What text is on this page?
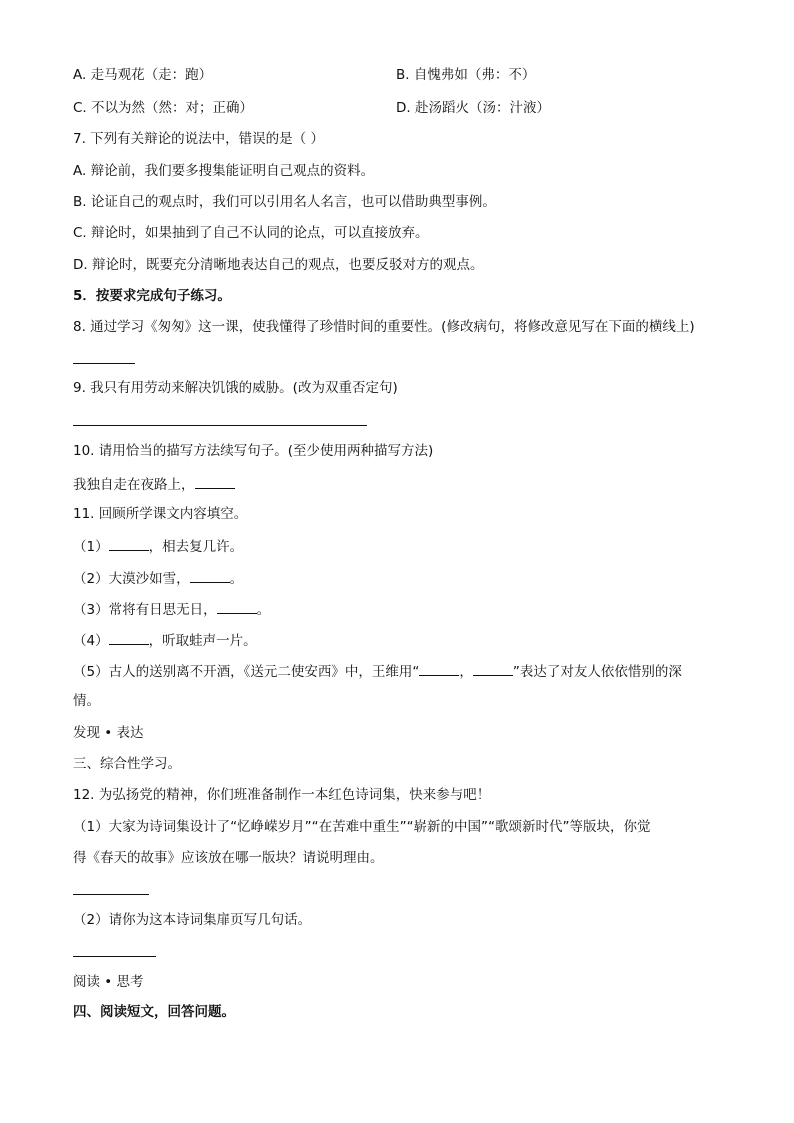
A. 走马观花（走：跑）	B. 自愧弗如（弗：不）
C. 不以为然（然：对；正确）	D. 赴汤蹈火（汤：汁液）
7. 下列有关辩论的说法中，错误的是（ ）
A. 辩论前，我们要多搜集能证明自己观点的资料。
B. 论证自己的观点时，我们可以引用名人名言，也可以借助典型事例。
C. 辩论时，如果抽到了自己不认同的论点，可以直接放弃。
D. 辩论时，既要充分清晰地表达自己的观点，也要反驳对方的观点。
5．按要求完成句子练习。
8. 通过学习《匆匆》这一课，使我懂得了珍惜时间的重要性。(修改病句，将修改意见写在下面的横线上)
9. 我只有用劳动来解决饥饿的威胁。(改为双重否定句)
10. 请用恰当的描写方法续写句子。(至少使用两种描写方法)
我独自走在夜路上，
11. 回顾所学课文内容填空。
（1）	，相去复几许。
（2）大漠沙如雪，	。
（3）常将有日思无日，	。
（4）	，听取蛙声一片。
（5）古人的送别离不开酒，《送元二使安西》中，王维用“	，	”表达了对友人依依惜别的深
情。
发现 • 表达
三、综合性学习。
12. 为弘扬党的精神，你们班准备制作一本红色诗词集，快来参与吧！
（1）大家为诗词集设计了“忆峥嵘岁月”“在苦难中重生”“崭新的中国”“歌颂新时代”等版块，你觉
得《春天的故事》应该放在哪一版块？请说明理由。
（2）请你为这本诗词集扉页写几句话。
阅读 • 思考
四、阅读短文，回答问题。
